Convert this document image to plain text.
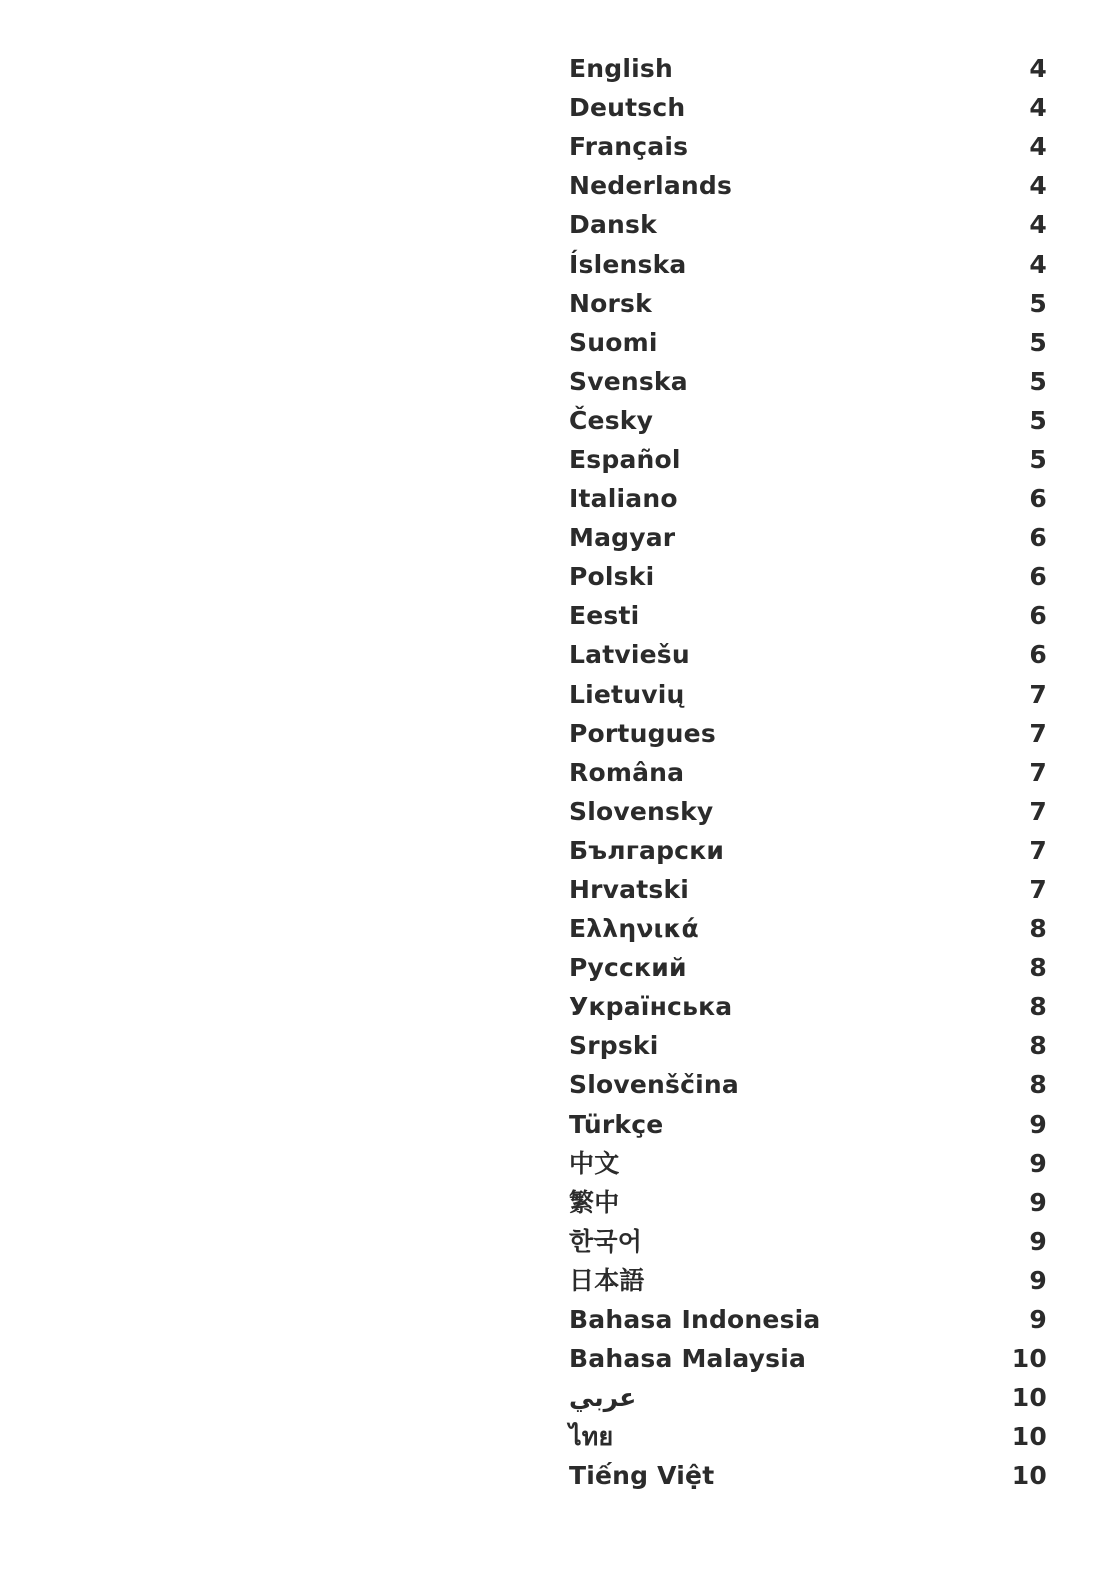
English	4
Deutsch	4
Français	4
Nederlands	4
Dansk	4
Íslenska	4
Norsk	5
Suomi	5
Svenska	5
Česky	5
Español	5
Italiano	6
Magyar	6
Polski	6
Eesti	6
Latviešu	6
Lietuvių	7
Portugues	7
Româna	7
Slovensky	7
Български	7
Hrvatski	7
Ελληνικά	8
Русский	8
Українська	8
Srpski	8
Slovenščina	8
Türkçe	9
中文	9
繁中	9
한국어	9
日本語	9
Bahasa Indonesia	9
Bahasa Malaysia	10
عربي	10
ไทย	10
Tiếng Việt	10
